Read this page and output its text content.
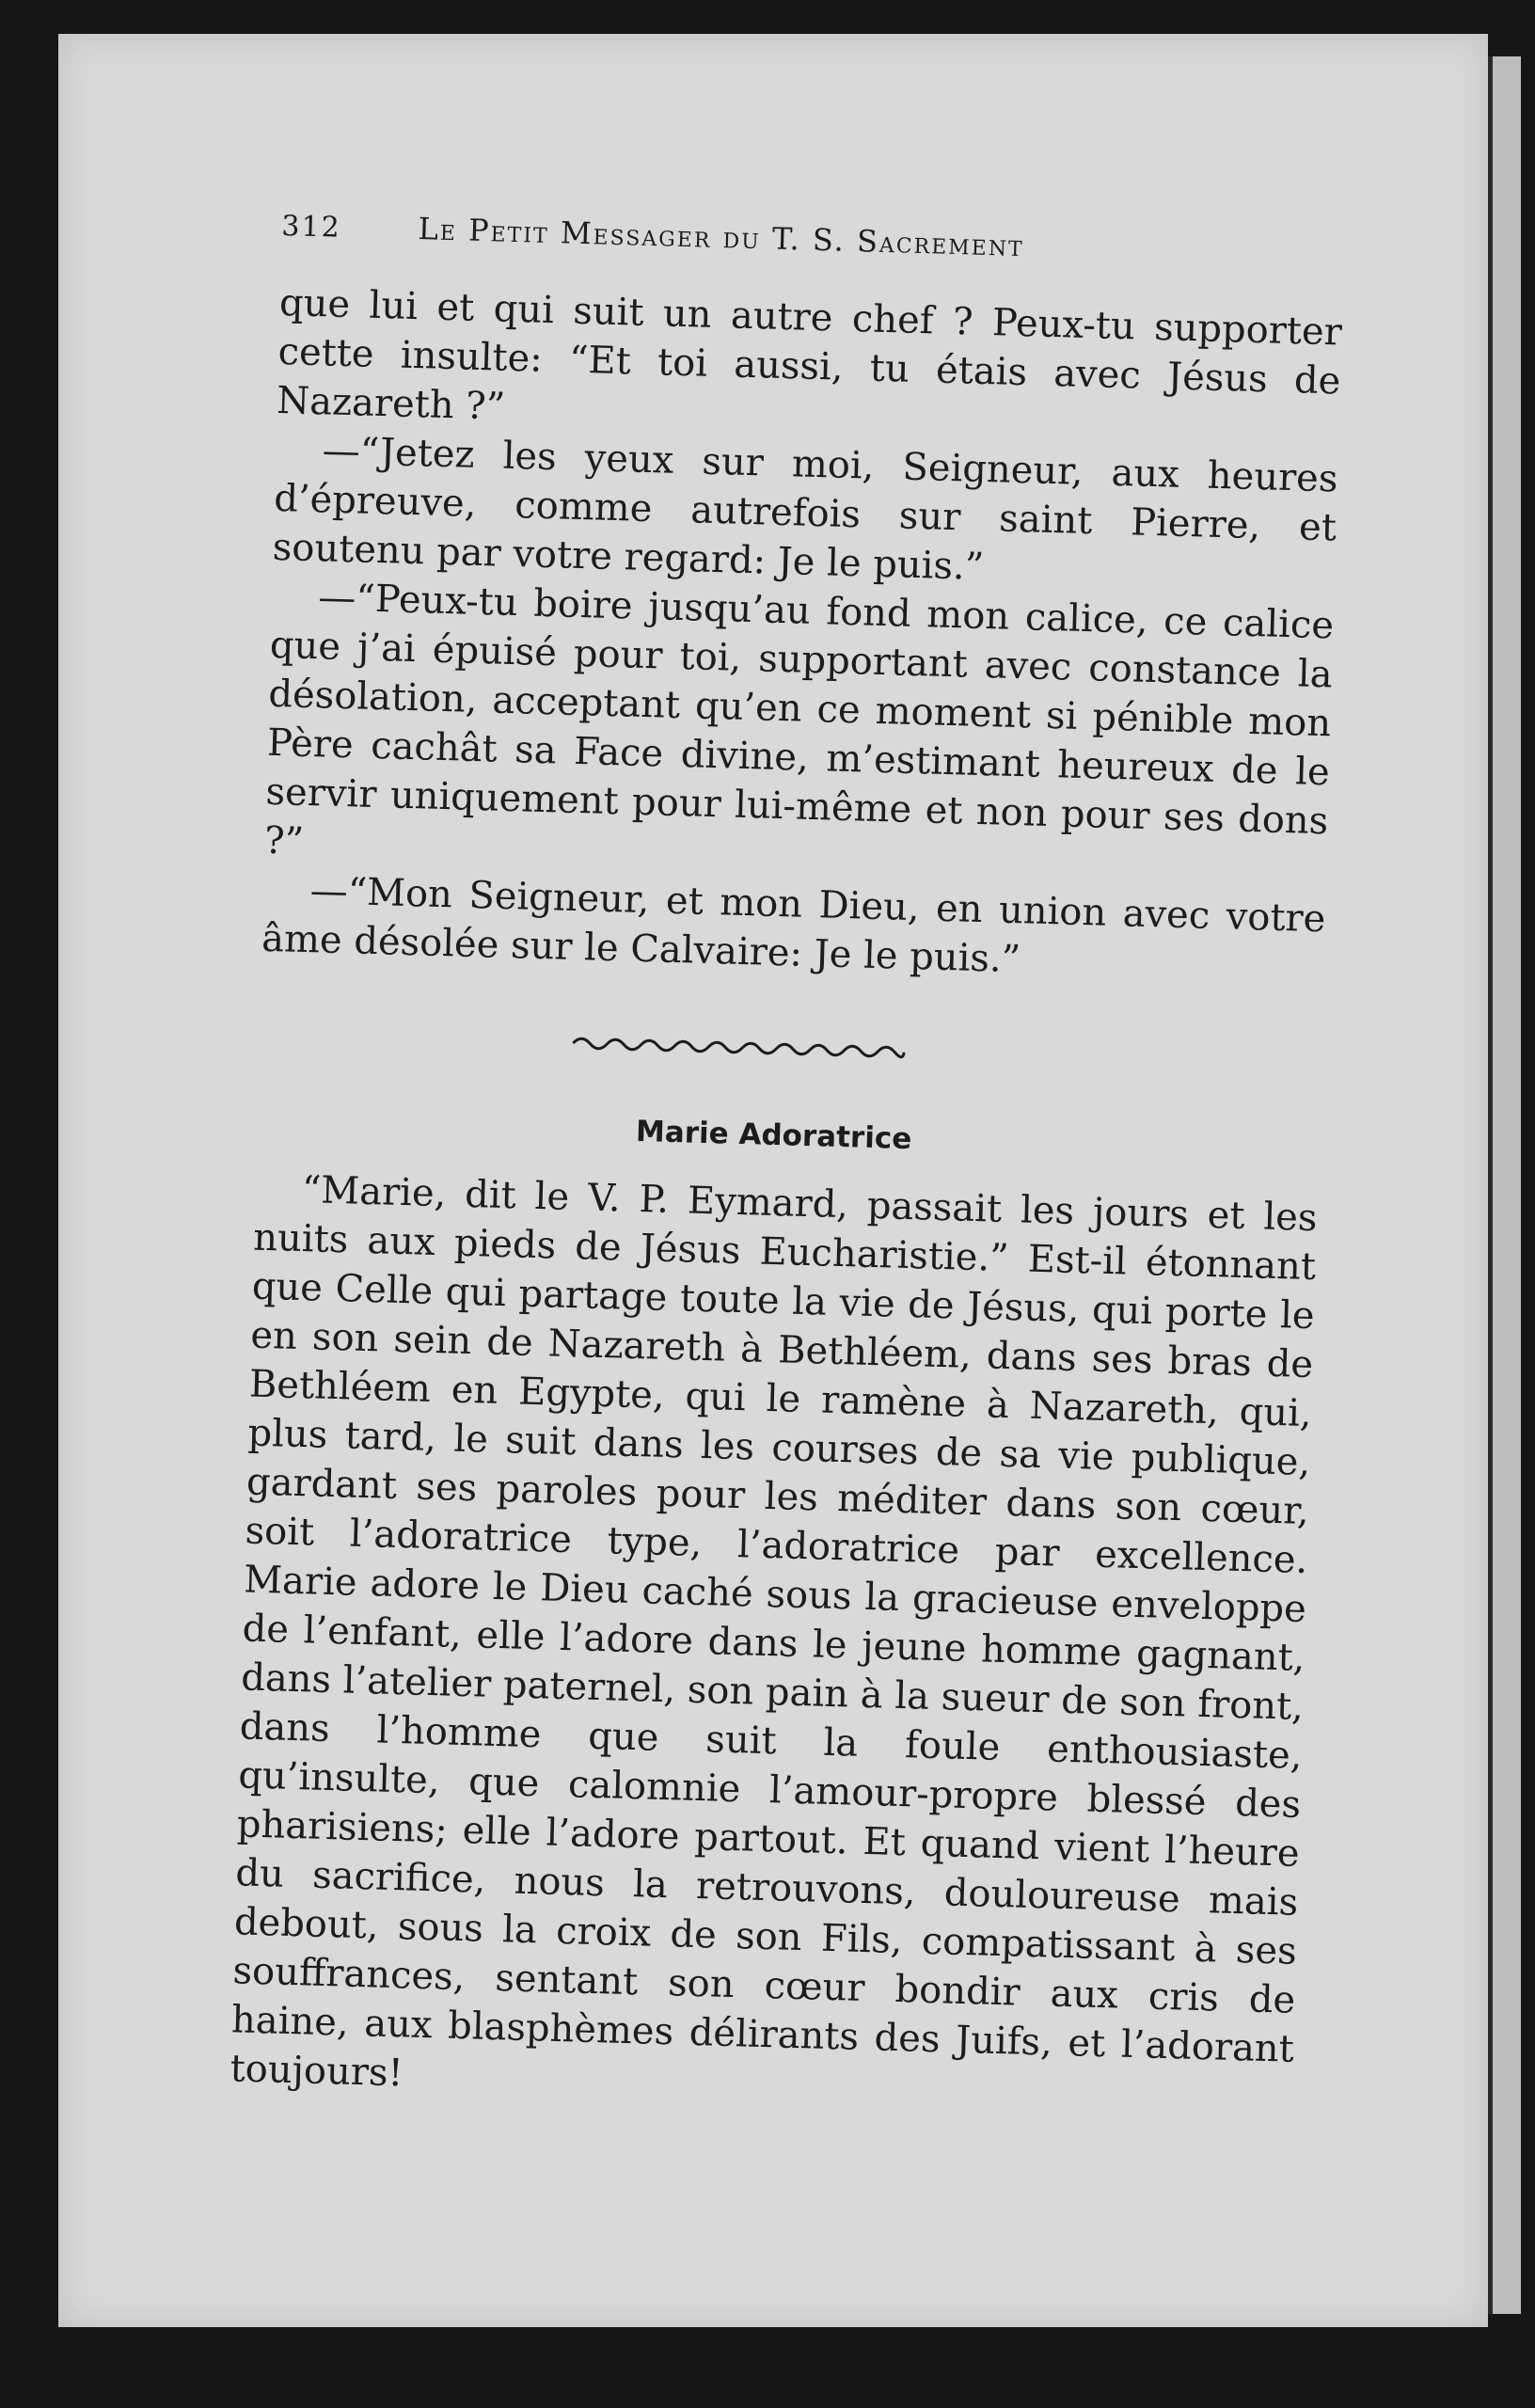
312	Le Petit Messager du T. S. Sacrement

que lui et qui suit un autre chef ? Peux-tu supporter cette insulte: “Et toi aussi, tu étais avec Jésus de Nazareth ?”

—“Jetez les yeux sur moi, Seigneur, aux heures d’épreuve, comme autrefois sur saint Pierre, et soutenu par votre regard: Je le puis.”

—“Peux-tu boire jusqu’au fond mon calice, ce calice que j’ai épuisé pour toi, supportant avec constance la désolation, acceptant qu’en ce moment si pénible mon Père cachât sa Face divine, m’estimant heureux de le servir uniquement pour lui-même et non pour ses dons ?”

—“Mon Seigneur, et mon Dieu, en union avec votre âme désolée sur le Calvaire: Je le puis.”

Marie Adoratrice

“Marie, dit le V. P. Eymard, passait les jours et les nuits aux pieds de Jésus Eucharistie.” Est-il étonnant que Celle qui partage toute la vie de Jésus, qui porte le en son sein de Nazareth à Bethléem, dans ses bras de Bethléem en Egypte, qui le ramène à Nazareth, qui, plus tard, le suit dans les courses de sa vie publique, gardant ses paroles pour les méditer dans son cœur, soit l’adoratrice type, l’adoratrice par excellence. Marie adore le Dieu caché sous la gracieuse enveloppe de l’enfant, elle l’adore dans le jeune homme gagnant, dans l’atelier paternel, son pain à la sueur de son front, dans l’homme que suit la foule enthousiaste, qu’insulte, que calomnie l’amour-propre blessé des pharisiens; elle l’adore partout. Et quand vient l’heure du sacrifice, nous la retrouvons, douloureuse mais debout, sous la croix de son Fils, compatissant à ses souffrances, sentant son cœur bondir aux cris de haine, aux blasphèmes délirants des Juifs, et l’adorant toujours!
